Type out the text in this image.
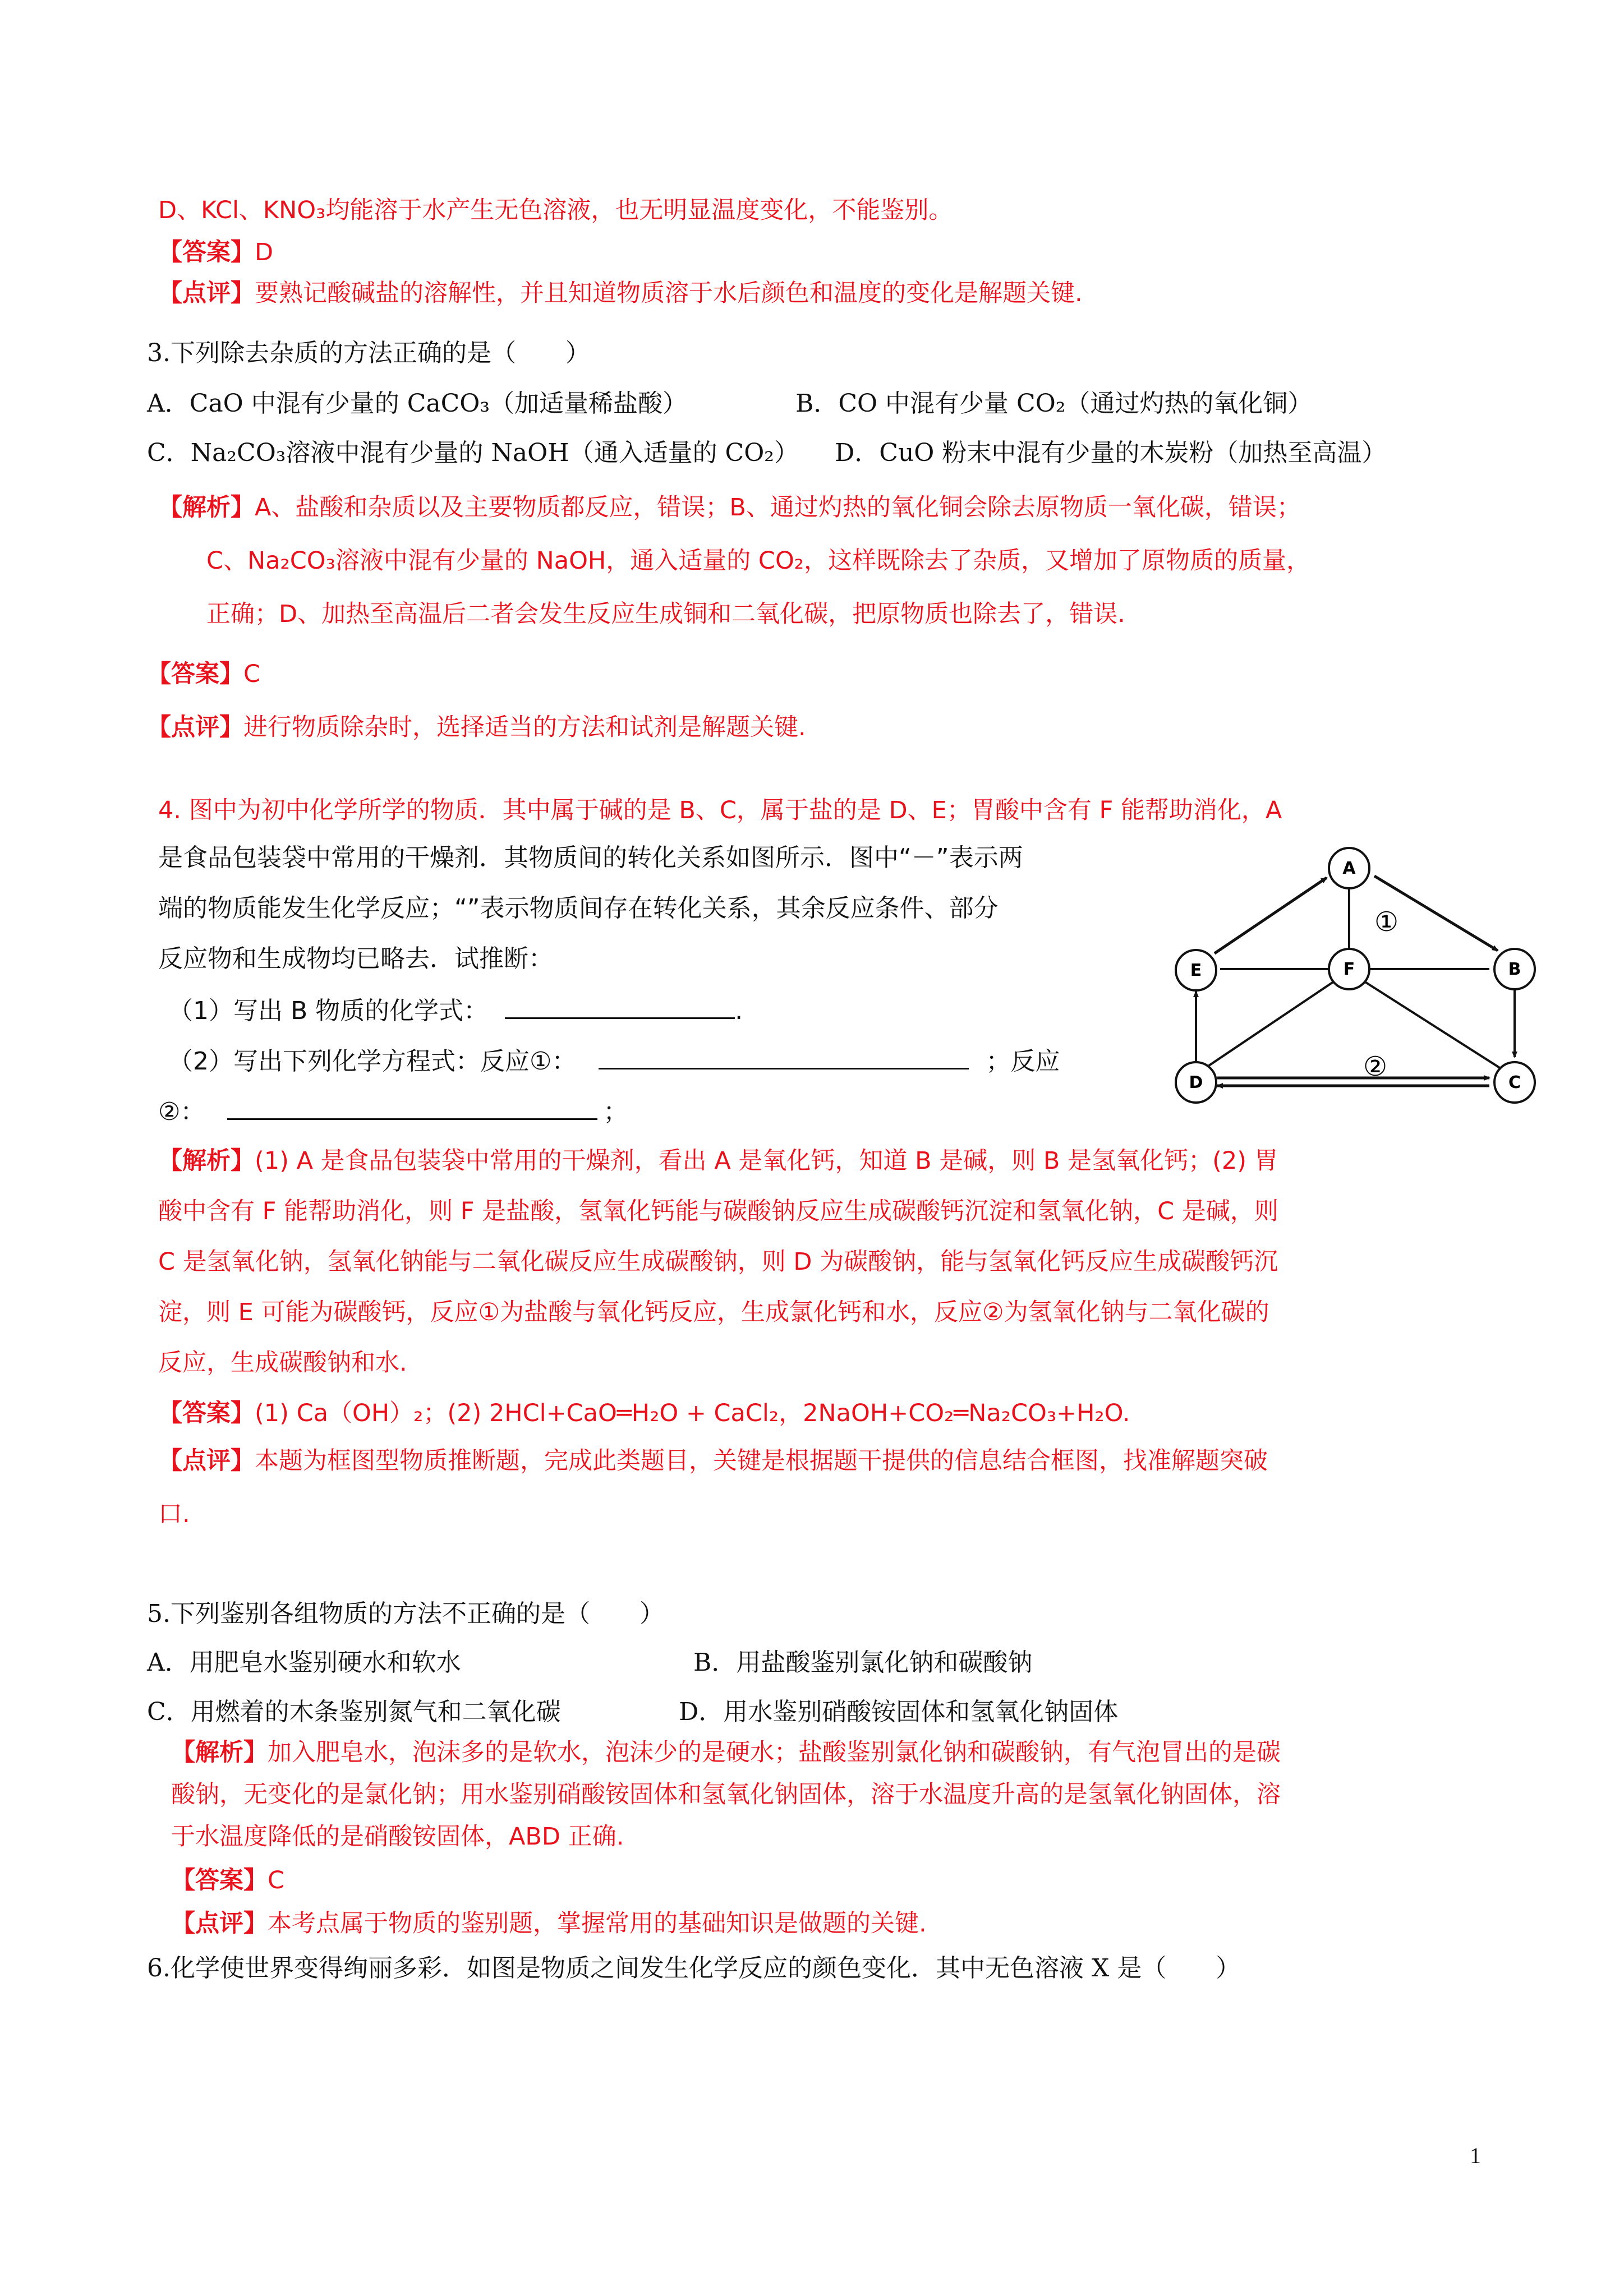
D、KCl、KNO₃均能溶于水产生无色溶液，也无明显温度变化，不能鉴别。
【答案】D
【点评】要熟记酸碱盐的溶解性，并且知道物质溶于水后颜色和温度的变化是解题关键.
3.下列除去杂质的方法正确的是（　　）
A．CaO 中混有少量的 CaCO₃（加适量稀盐酸）	B．CO 中混有少量 CO₂（通过灼热的氧化铜）
C．Na₂CO₃溶液中混有少量的 NaOH（通入适量的 CO₂） D．CuO 粉末中混有少量的木炭粉（加热至高温）
【解析】A、盐酸和杂质以及主要物质都反应，错误；B、通过灼热的氧化铜会除去原物质一氧化碳，错误；
C、Na₂CO₃溶液中混有少量的 NaOH，通入适量的 CO₂，这样既除去了杂质，又增加了原物质的质量，
正确；D、加热至高温后二者会发生反应生成铜和二氧化碳，把原物质也除去了，错误.
【答案】C
【点评】进行物质除杂时，选择适当的方法和试剂是解题关键.
4. 图中为初中化学所学的物质．其中属于碱的是 B、C，属于盐的是 D、E；胃酸中含有 F 能帮助消化，A
是食品包装袋中常用的干燥剂．其物质间的转化关系如图所示．图中“－”表示两
端的物质能发生化学反应；“”表示物质间存在转化关系，其余反应条件、部分
反应物和生成物均已略去．试推断：
（1）写出 B 物质的化学式：	.
（2）写出下列化学方程式：反应①：	；反应
②：	；
A
E	F	B
D	C
①
②
【解析】(1) A 是食品包装袋中常用的干燥剂，看出 A 是氧化钙，知道 B 是碱，则 B 是氢氧化钙；(2) 胃
酸中含有 F 能帮助消化，则 F 是盐酸，氢氧化钙能与碳酸钠反应生成碳酸钙沉淀和氢氧化钠，C 是碱，则
C 是氢氧化钠，氢氧化钠能与二氧化碳反应生成碳酸钠，则 D 为碳酸钠，能与氢氧化钙反应生成碳酸钙沉
淀，则 E 可能为碳酸钙，反应①为盐酸与氧化钙反应，生成氯化钙和水，反应②为氢氧化钠与二氧化碳的
反应，生成碳酸钠和水.
【答案】(1) Ca（OH）₂；(2) 2HCl+CaO═H₂O + CaCl₂，2NaOH+CO₂═Na₂CO₃+H₂O.
【点评】本题为框图型物质推断题，完成此类题目，关键是根据题干提供的信息结合框图，找准解题突破
口.
5.下列鉴别各组物质的方法不正确的是（　　）
A．用肥皂水鉴别硬水和软水	B．用盐酸鉴别氯化钠和碳酸钠
C．用燃着的木条鉴别氮气和二氧化碳	D．用水鉴别硝酸铵固体和氢氧化钠固体
【解析】加入肥皂水，泡沫多的是软水，泡沫少的是硬水；盐酸鉴别氯化钠和碳酸钠，有气泡冒出的是碳
酸钠，无变化的是氯化钠；用水鉴别硝酸铵固体和氢氧化钠固体，溶于水温度升高的是氢氧化钠固体，溶
于水温度降低的是硝酸铵固体，ABD 正确.
【答案】C
【点评】本考点属于物质的鉴别题，掌握常用的基础知识是做题的关键.
6.化学使世界变得绚丽多彩．如图是物质之间发生化学反应的颜色变化．其中无色溶液 X 是（　　）
1
